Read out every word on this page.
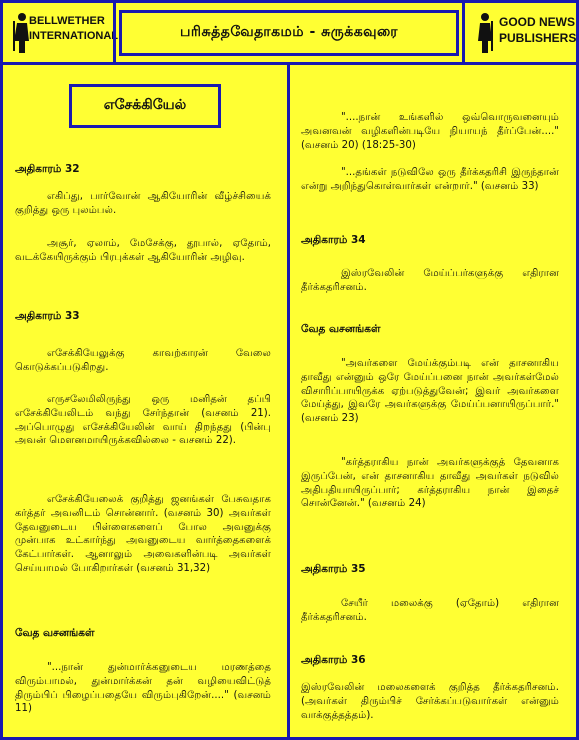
BELLWETHER
INTERNATIONAL	பரிசுத்தவேதாகமம் - சுருக்கவுரை
GOOD NEWS
PUBLISHERS
எசேக்கியேல்
அதிகாரம் 32
எகிப்து, பார்வோன் ஆகியோரின் வீழ்ச்சியைக் குறித்து ஒரு புலம்பல்.
அசூர், ஏலாம், மேசேக்கு, தூபால், ஏதோம், வடக்கேயிருக்கும் பிரபுக்கள் ஆகியோரின் அழிவு.
அதிகாரம் 33
எசேக்கியேலுக்கு காவற்காரன் வேலை கொடுக்கப்படுகிறது.
எருசலேமிலிருந்து ஒரு மனிதன் தப்பி எசேக்கியேலிடம் வந்து சேர்ந்தான் (வசனம் 21). அப்பொழுது எசேக்கியேலின் வாய் திறந்தது (பின்பு அவன் மௌனமாயிருக்கவில்லை - வசனம் 22).
எசேக்கியேலைக் குறித்து ஜனங்கள் பேசுவதாக கர்த்தர் அவனிடம் சொன்னார். (வசனம் 30) அவர்கள் தேவனுடைய பிள்ளைகளைப் போல அவனுக்கு முன்பாக உட்கார்ந்து அவனுடைய வார்த்தைகளைக் கேட்பார்கள். ஆனாலும் அவைகளின்படி அவர்கள் செய்யாமல் போகிறார்கள் (வசனம் 31,32)
வேத வசனங்கள்
"...நான் துன்மார்க்கனுடைய மரணத்தை விரும்பாமல், துன்மார்க்கன் தன் வழியைவிட்டுத் திரும்பிப் பிழைப்பதையே விரும்புகிறேன்...." (வசனம் 11)
"....நான் உங்களில் ஒவ்வொருவனையும் அவனவன் வழிகளின்படியே நியாயந் தீர்ப்பேன்...." (வசனம் 20) (18:25-30)
"...தங்கள் நடுவிலே ஒரு தீர்க்கதரிசி இருந்தான் என்று அறிந்துகொள்வார்கள் என்றார்." (வசனம் 33)
அதிகாரம் 34
இஸ்ரவேலின் மேய்ப்பர்களுக்கு எதிரான தீர்க்கதரிசனம்.
வேத வசனங்கள்
"அவர்களை மேய்க்கும்படி என் தாசனாகிய தாவீது என்னும் ஒரே மேய்ப்பனை நான் அவர்கள்மேல் விசாரிப்பாயிருக்க ஏற்படுத்துவேன்; இவர் அவர்களை மேய்த்து, இவரே அவர்களுக்கு மேய்ப்பனாயிருப்பார்." (வசனம் 23)
"கர்த்தராகிய நான் அவர்களுக்குத் தேவனாக இருப்பேன், என் தாசனாகிய தாவீது அவர்கள் நடுவில் அதிபதியாயிருப்பார்; கர்த்தராகிய நான் இதைச் சொன்னேன்." (வசனம் 24)
அதிகாரம் 35
சேயீர் மலைக்கு (ஏதோம்) எதிரான தீர்க்கதரிசனம்.
அதிகாரம் 36
இஸ்ரவேலின் மலைகளைக் குறித்த தீர்க்கதரிசனம். (அவர்கள் திரும்பிச் சேர்க்கப்படுவார்கள் என்னும் வாக்குத்தத்தம்).
